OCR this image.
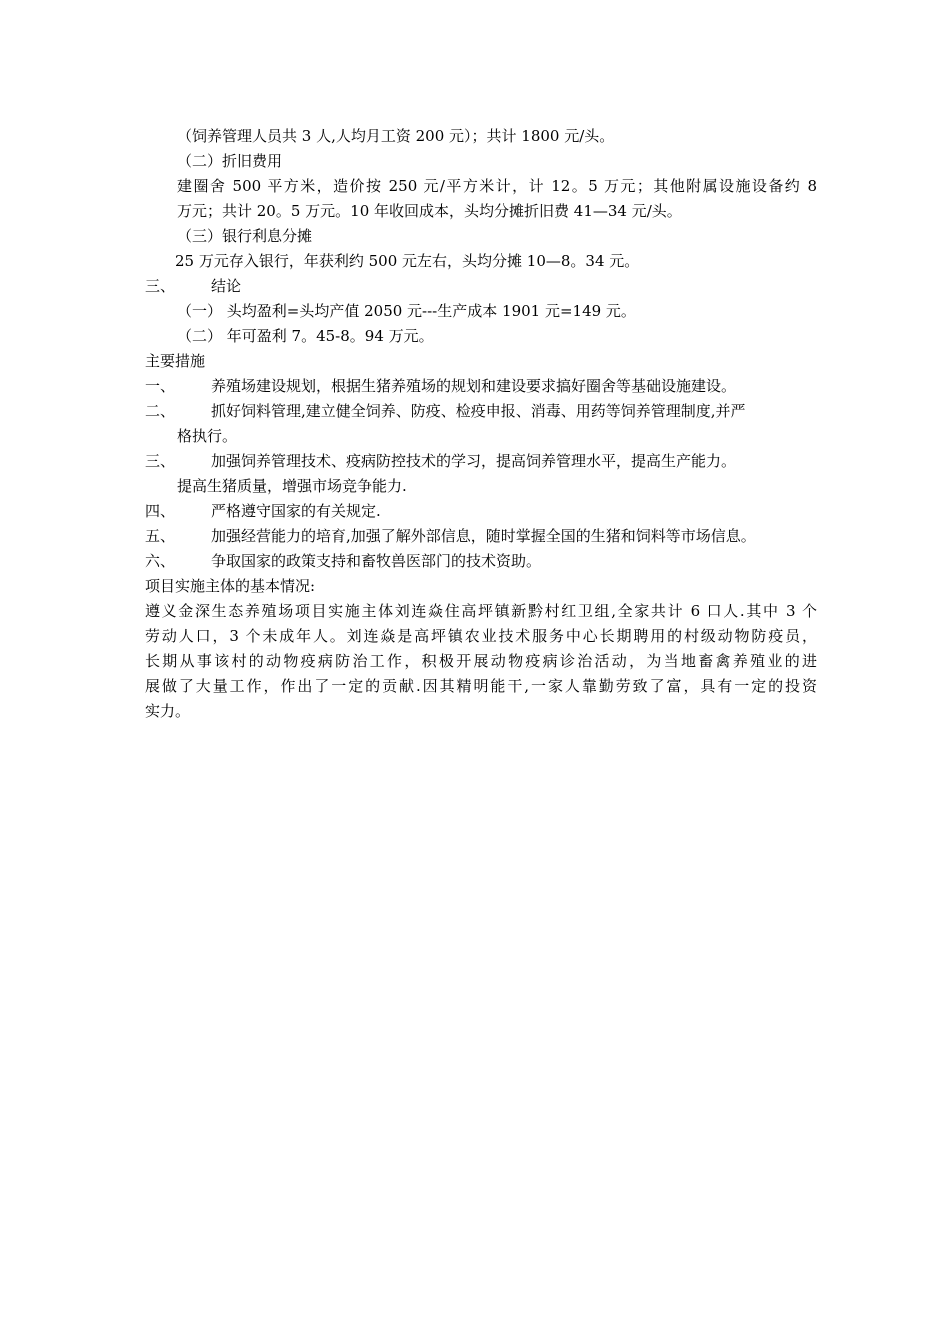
（饲养管理人员共 3 人,人均月工资 200 元）；共计 1800 元/头。
（二）折旧费用
建圈舍 500 平方米，造价按 250 元/平方米计，计 12。5 万元；其他附属设施设备约 8
万元；共计 20。5 万元。10 年收回成本，头均分摊折旧费 41—34 元/头。
（三）银行利息分摊
25 万元存入银行，年获利约 500 元左右，头均分摊 10—8。34 元。
三、 结论
（一） 头均盈利=头均产值 2050 元---生产成本 1901 元=149 元。
（二） 年可盈利 7。45-8。94 万元。
主要措施
一、 养殖场建设规划，根据生猪养殖场的规划和建设要求搞好圈舍等基础设施建设。
二、 抓好饲料管理,建立健全饲养、防疫、检疫申报、消毒、用药等饲养管理制度,并严
格执行。
三、 加强饲养管理技术、疫病防控技术的学习，提高饲养管理水平，提高生产能力。
提高生猪质量，增强市场竞争能力.
四、 严格遵守国家的有关规定.
五、 加强经营能力的培育,加强了解外部信息，随时掌握全国的生猪和饲料等市场信息。
六、 争取国家的政策支持和畜牧兽医部门的技术资助。
项目实施主体的基本情况:
遵义金深生态养殖场项目实施主体刘连焱住高坪镇新黔村红卫组,全家共计 6 口人.其中 3 个
劳动人口，3 个未成年人。刘连焱是高坪镇农业技术服务中心长期聘用的村级动物防疫员，
长期从事该村的动物疫病防治工作，积极开展动物疫病诊治活动，为当地畜禽养殖业的进
展做了大量工作，作出了一定的贡献.因其精明能干,一家人靠勤劳致了富，具有一定的投资
实力。
